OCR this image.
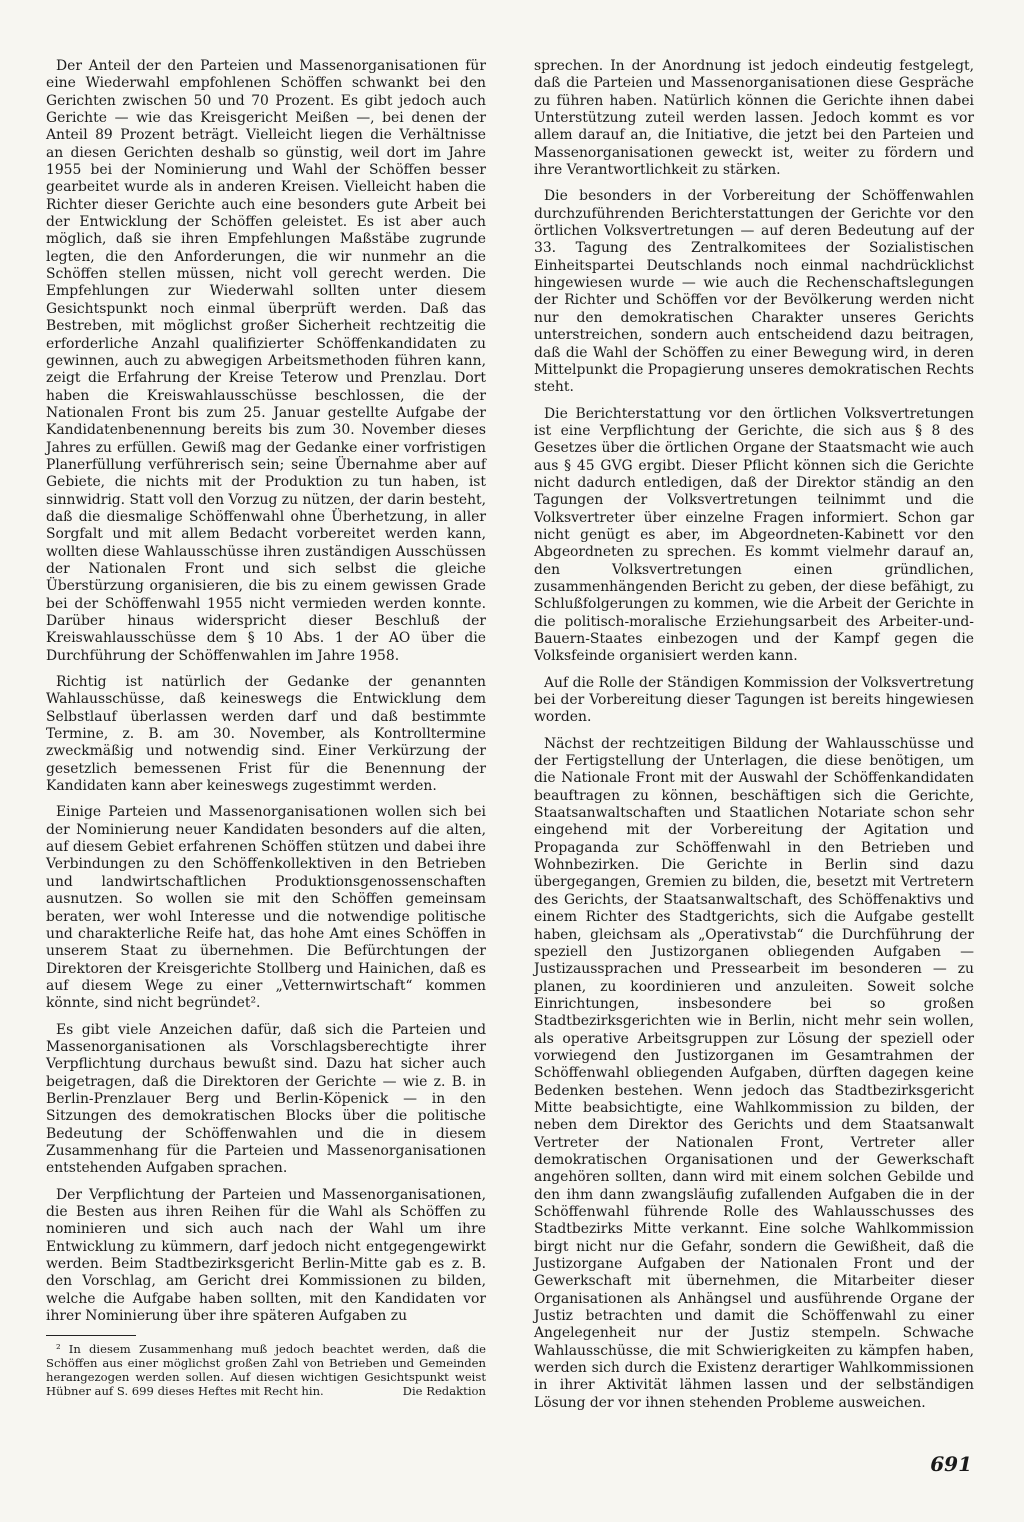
Der Anteil der den Parteien und Massenorganisationen für eine Wiederwahl empfohlenen Schöffen schwankt bei den Gerichten zwischen 50 und 70 Prozent. Es gibt jedoch auch Gerichte — wie das Kreisgericht Meißen —, bei denen der Anteil 89 Prozent beträgt. Vielleicht liegen die Verhältnisse an diesen Gerichten deshalb so günstig, weil dort im Jahre 1955 bei der Nominierung und Wahl der Schöffen besser gearbeitet wurde als in anderen Kreisen. Vielleicht haben die Richter dieser Gerichte auch eine besonders gute Arbeit bei der Entwicklung der Schöffen geleistet. Es ist aber auch möglich, daß sie ihren Empfehlungen Maßstäbe zugrunde legten, die den Anforderungen, die wir nunmehr an die Schöffen stellen müssen, nicht voll gerecht werden. Die Empfehlungen zur Wiederwahl sollten unter diesem Gesichtspunkt noch einmal überprüft werden. Daß das Bestreben, mit möglichst großer Sicherheit rechtzeitig die erforderliche Anzahl qualifizierter Schöffenkandidaten zu gewinnen, auch zu abwegigen Arbeitsmethoden führen kann, zeigt die Erfahrung der Kreise Teterow und Prenzlau. Dort haben die Kreiswahlausschüsse beschlossen, die der Nationalen Front bis zum 25. Januar gestellte Aufgabe der Kandidatenbenennung bereits bis zum 30. November dieses Jahres zu erfüllen. Gewiß mag der Gedanke einer vorfristigen Planerfüllung verführerisch sein; seine Übernahme aber auf Gebiete, die nichts mit der Produktion zu tun haben, ist sinnwidrig. Statt voll den Vorzug zu nützen, der darin besteht, daß die diesmalige Schöffenwahl ohne Überhetzung, in aller Sorgfalt und mit allem Bedacht vorbereitet werden kann, wollten diese Wahlausschüsse ihren zuständigen Ausschüssen der Nationalen Front und sich selbst die gleiche Überstürzung organisieren, die bis zu einem gewissen Grade bei der Schöffenwahl 1955 nicht vermieden werden konnte. Darüber hinaus widerspricht dieser Beschluß der Kreiswahlausschüsse dem § 10 Abs. 1 der AO über die Durchführung der Schöffenwahlen im Jahre 1958.

Richtig ist natürlich der Gedanke der genannten Wahlausschüsse, daß keineswegs die Entwicklung dem Selbstlauf überlassen werden darf und daß bestimmte Termine, z. B. am 30. November, als Kontrolltermine zweckmäßig und notwendig sind. Einer Verkürzung der gesetzlich bemessenen Frist für die Benennung der Kandidaten kann aber keineswegs zugestimmt werden.

Einige Parteien und Massenorganisationen wollen sich bei der Nominierung neuer Kandidaten besonders auf die alten, auf diesem Gebiet erfahrenen Schöffen stützen und dabei ihre Verbindungen zu den Schöffenkollektiven in den Betrieben und landwirtschaftlichen Produktionsgenossenschaften ausnutzen. So wollen sie mit den Schöffen gemeinsam beraten, wer wohl Interesse und die notwendige politische und charakterliche Reife hat, das hohe Amt eines Schöffen in unserem Staat zu übernehmen. Die Befürchtungen der Direktoren der Kreisgerichte Stollberg und Hainichen, daß es auf diesem Wege zu einer „Vetternwirtschaft“ kommen könnte, sind nicht begründet².

Es gibt viele Anzeichen dafür, daß sich die Parteien und Massenorganisationen als Vorschlagsberechtigte ihrer Verpflichtung durchaus bewußt sind. Dazu hat sicher auch beigetragen, daß die Direktoren der Gerichte — wie z. B. in Berlin-Prenzlauer Berg und Berlin-Köpenick — in den Sitzungen des demokratischen Blocks über die politische Bedeutung der Schöffenwahlen und die in diesem Zusammenhang für die Parteien und Massenorganisationen entstehenden Aufgaben sprachen.

Der Verpflichtung der Parteien und Massenorganisationen, die Besten aus ihren Reihen für die Wahl als Schöffen zu nominieren und sich auch nach der Wahl um ihre Entwicklung zu kümmern, darf jedoch nicht entgegengewirkt werden. Beim Stadtbezirksgericht Berlin-Mitte gab es z. B. den Vorschlag, am Gericht drei Kommissionen zu bilden, welche die Aufgabe haben sollten, mit den Kandidaten vor ihrer Nominierung über ihre späteren Aufgaben zu

² In diesem Zusammenhang muß jedoch beachtet werden, daß die Schöffen aus einer möglichst großen Zahl von Betrieben und Gemeinden herangezogen werden sollen. Auf diesen wichtigen Gesichtspunkt weist Hübner auf S. 699 dieses Heftes mit Recht hin.	Die Redaktion

sprechen. In der Anordnung ist jedoch eindeutig festgelegt, daß die Parteien und Massenorganisationen diese Gespräche zu führen haben. Natürlich können die Gerichte ihnen dabei Unterstützung zuteil werden lassen. Jedoch kommt es vor allem darauf an, die Initiative, die jetzt bei den Parteien und Massenorganisationen geweckt ist, weiter zu fördern und ihre Verantwortlichkeit zu stärken.

Die besonders in der Vorbereitung der Schöffenwahlen durchzuführenden Berichterstattungen der Gerichte vor den örtlichen Volksvertretungen — auf deren Bedeutung auf der 33. Tagung des Zentralkomitees der Sozialistischen Einheitspartei Deutschlands noch einmal nachdrücklichst hingewiesen wurde — wie auch die Rechenschaftslegungen der Richter und Schöffen vor der Bevölkerung werden nicht nur den demokratischen Charakter unseres Gerichts unterstreichen, sondern auch entscheidend dazu beitragen, daß die Wahl der Schöffen zu einer Bewegung wird, in deren Mittelpunkt die Propagierung unseres demokratischen Rechts steht.

Die Berichterstattung vor den örtlichen Volksvertretungen ist eine Verpflichtung der Gerichte, die sich aus § 8 des Gesetzes über die örtlichen Organe der Staatsmacht wie auch aus § 45 GVG ergibt. Dieser Pflicht können sich die Gerichte nicht dadurch entledigen, daß der Direktor ständig an den Tagungen der Volksvertretungen teilnimmt und die Volksvertreter über einzelne Fragen informiert. Schon gar nicht genügt es aber, im Abgeordneten-Kabinett vor den Abgeordneten zu sprechen. Es kommt vielmehr darauf an, den Volksvertretungen einen gründlichen, zusammenhängenden Bericht zu geben, der diese befähigt, zu Schlußfolgerungen zu kommen, wie die Arbeit der Gerichte in die politisch-moralische Erziehungsarbeit des Arbeiter-und-Bauern-Staates einbezogen und der Kampf gegen die Volksfeinde organisiert werden kann.

Auf die Rolle der Ständigen Kommission der Volksvertretung bei der Vorbereitung dieser Tagungen ist bereits hingewiesen worden.

Nächst der rechtzeitigen Bildung der Wahlausschüsse und der Fertigstellung der Unterlagen, die diese benötigen, um die Nationale Front mit der Auswahl der Schöffenkandidaten beauftragen zu können, beschäftigen sich die Gerichte, Staatsanwaltschaften und Staatlichen Notariate schon sehr eingehend mit der Vorbereitung der Agitation und Propaganda zur Schöffenwahl in den Betrieben und Wohnbezirken. Die Gerichte in Berlin sind dazu übergegangen, Gremien zu bilden, die, besetzt mit Vertretern des Gerichts, der Staatsanwaltschaft, des Schöffenaktivs und einem Richter des Stadtgerichts, sich die Aufgabe gestellt haben, gleichsam als „Operativstab“ die Durchführung der speziell den Justizorganen obliegenden Aufgaben — Justizaussprachen und Pressearbeit im besonderen — zu planen, zu koordinieren und anzuleiten. Soweit solche Einrichtungen, insbesondere bei so großen Stadtbezirksgerichten wie in Berlin, nicht mehr sein wollen, als operative Arbeitsgruppen zur Lösung der speziell oder vorwiegend den Justizorganen im Gesamtrahmen der Schöffenwahl obliegenden Aufgaben, dürften dagegen keine Bedenken bestehen. Wenn jedoch das Stadtbezirksgericht Mitte beabsichtigte, eine Wahlkommission zu bilden, der neben dem Direktor des Gerichts und dem Staatsanwalt Vertreter der Nationalen Front, Vertreter aller demokratischen Organisationen und der Gewerkschaft angehören sollten, dann wird mit einem solchen Gebilde und den ihm dann zwangsläufig zufallenden Aufgaben die in der Schöffenwahl führende Rolle des Wahlausschusses des Stadtbezirks Mitte verkannt. Eine solche Wahlkommission birgt nicht nur die Gefahr, sondern die Gewißheit, daß die Justizorgane Aufgaben der Nationalen Front und der Gewerkschaft mit übernehmen, die Mitarbeiter dieser Organisationen als Anhängsel und ausführende Organe der Justiz betrachten und damit die Schöffenwahl zu einer Angelegenheit nur der Justiz stempeln. Schwache Wahlausschüsse, die mit Schwierigkeiten zu kämpfen haben, werden sich durch die Existenz derartiger Wahlkommissionen in ihrer Aktivität lähmen lassen und der selbständigen Lösung der vor ihnen stehenden Probleme ausweichen.

691
